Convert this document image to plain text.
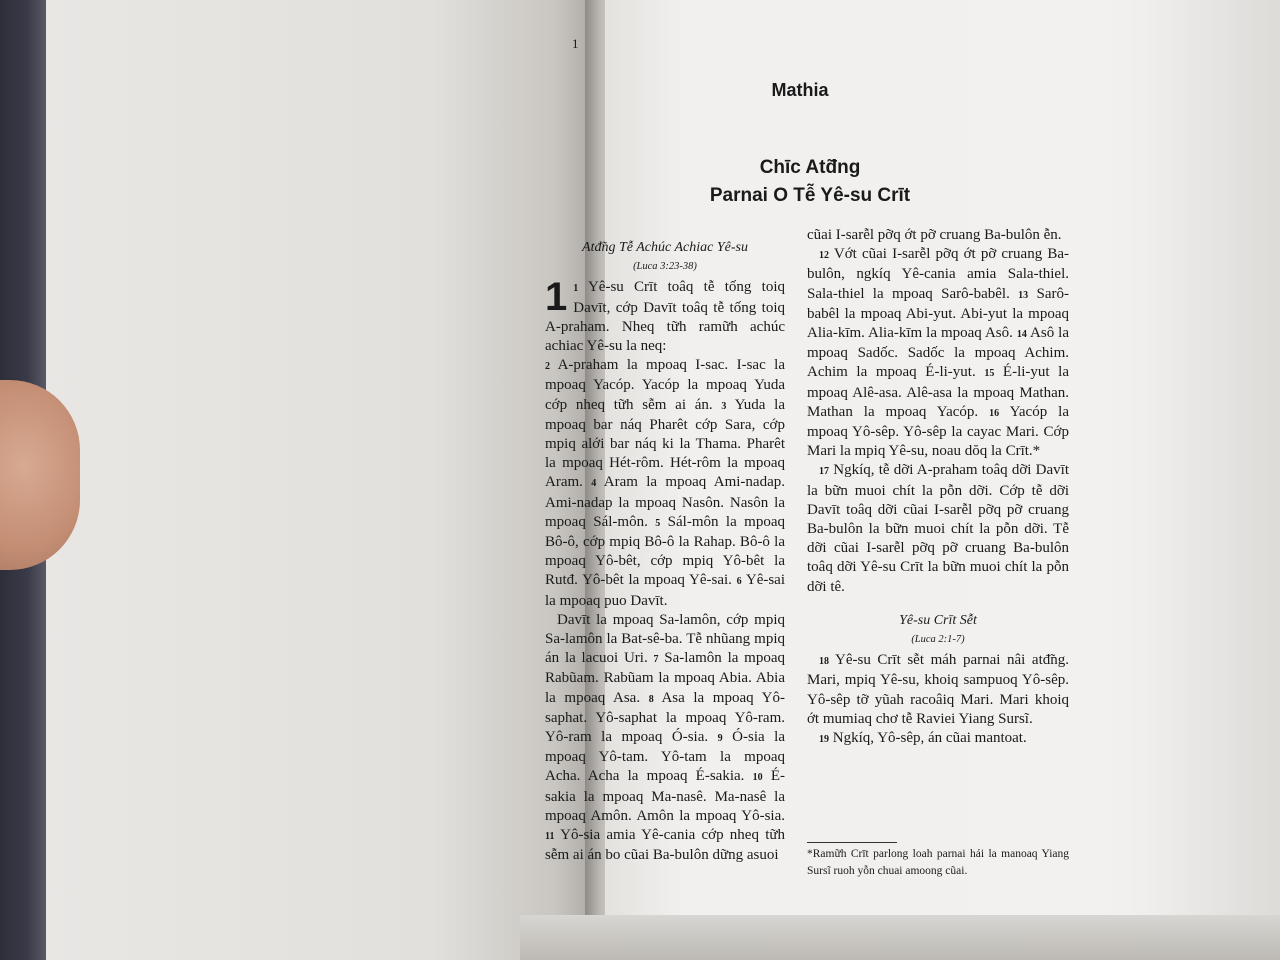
1
Mathia
Chīc Atđ̃ng
Parnai O Tễ Yê-su Crīt

Atđ̃ng Tễ Achúc Achiac Yê-su

(Luca 3:23-38)

1 1 Yê-su Crīt toâq tễ tống toiq Davīt, cớp Davīt toâq tễ tống toiq A-praham. Nheq tữh ramữh achúc achiac Yê-su la neq:

2 A-praham la mpoaq I-sac. I-sac la mpoaq Yacóp. Yacóp la mpoaq Yuda cớp nheq tữh sễm ai án. 3 Yuda la mpoaq bar náq Pharêt cớp Sara, cớp mpiq alới bar náq ki la Thama. Pharêt la mpoaq Hét-rôm. Hét-rôm la mpoaq Aram. 4 Aram la mpoaq Ami-nadap. Ami-nadap la mpoaq Nasôn. Nasôn la mpoaq Sál-môn. 5 Sál-môn la mpoaq Bô-ô, cớp mpiq Bô-ô la Rahap. Bô-ô la mpoaq Yô-bêt, cớp mpiq Yô-bêt la Rutđ. Yô-bêt la mpoaq Yê-sai. 6 Yê-sai la mpoaq puo Davīt.

Davīt la mpoaq Sa-lamôn, cớp mpiq Sa-lamôn la Bat-sê-ba. Tễ nhũang mpiq án la lacuoi Uri. 7 Sa-lamôn la mpoaq Rabũam. Rabũam la mpoaq Abia. Abia la mpoaq Asa. 8 Asa la mpoaq Yô-saphat. Yô-saphat la mpoaq Yô-ram. Yô-ram la mpoaq Ó-sia. 9 Ó-sia la mpoaq Yô-tam. Yô-tam la mpoaq Acha. Acha la mpoaq É-sakia. 10 É-sakia la mpoaq Ma-nasê. Ma-nasê la mpoaq Amôn. Amôn la mpoaq Yô-sia. 11 Yô-sia amia Yê-cania cớp nheq tữh sễm ai án bo cũai Ba-bulôn dững asuoi

cũai I-sarễl pỡq ớt pỡ cruang Ba-bulôn ễn.

12 Vớt cũai I-sarễl pỡq ớt pỡ cruang Ba-bulôn, ngkíq Yê-cania amia Sala-thiel. Sala-thiel la mpoaq Sarô-babêl. 13 Sarô-babêl la mpoaq Abi-yut. Abi-yut la mpoaq Alia-kīm. Alia-kīm la mpoaq Asô. 14 Asô la mpoaq Sadốc. Sadốc la mpoaq Achim. Achim la mpoaq É-li-yut. 15 É-li-yut la mpoaq Alê-asa. Alê-asa la mpoaq Mathan. Mathan la mpoaq Yacóp. 16 Yacóp la mpoaq Yô-sêp. Yô-sêp la cayac Mari. Cớp Mari la mpiq Yê-su, noau dŏq la Crīt.*

17 Ngkíq, tễ dỡi A-praham toâq dỡi Davīt la bữn muoi chít la pỗn dỡi. Cớp tễ dỡi Davīt toâq dỡi cũai I-sarễl pỡq pỡ cruang Ba-bulôn la bữn muoi chít la pỗn dỡi. Tễ dỡi cũai I-sarễl pỡq pỡ cruang Ba-bulôn toâq dỡi Yê-su Crīt la bữn muoi chít la pỗn dỡi tê.

Yê-su Crīt Sễt

(Luca 2:1-7)

18 Yê-su Crīt sễt máh parnai nâi atđ̃ng. Mari, mpiq Yê-su, khoiq sampuoq Yô-sêp. Yô-sêp tỡ yũah racoâiq Mari. Mari khoiq ớt mumiaq chơ tễ Raviei Yiang Sursĩ.

19 Ngkíq, Yô-sêp, án cũai mantoat.

*Ramữh Crīt parlong loah parnai hái la manoaq Yiang Sursĩ ruoh yỗn chuai amoong cũai.
